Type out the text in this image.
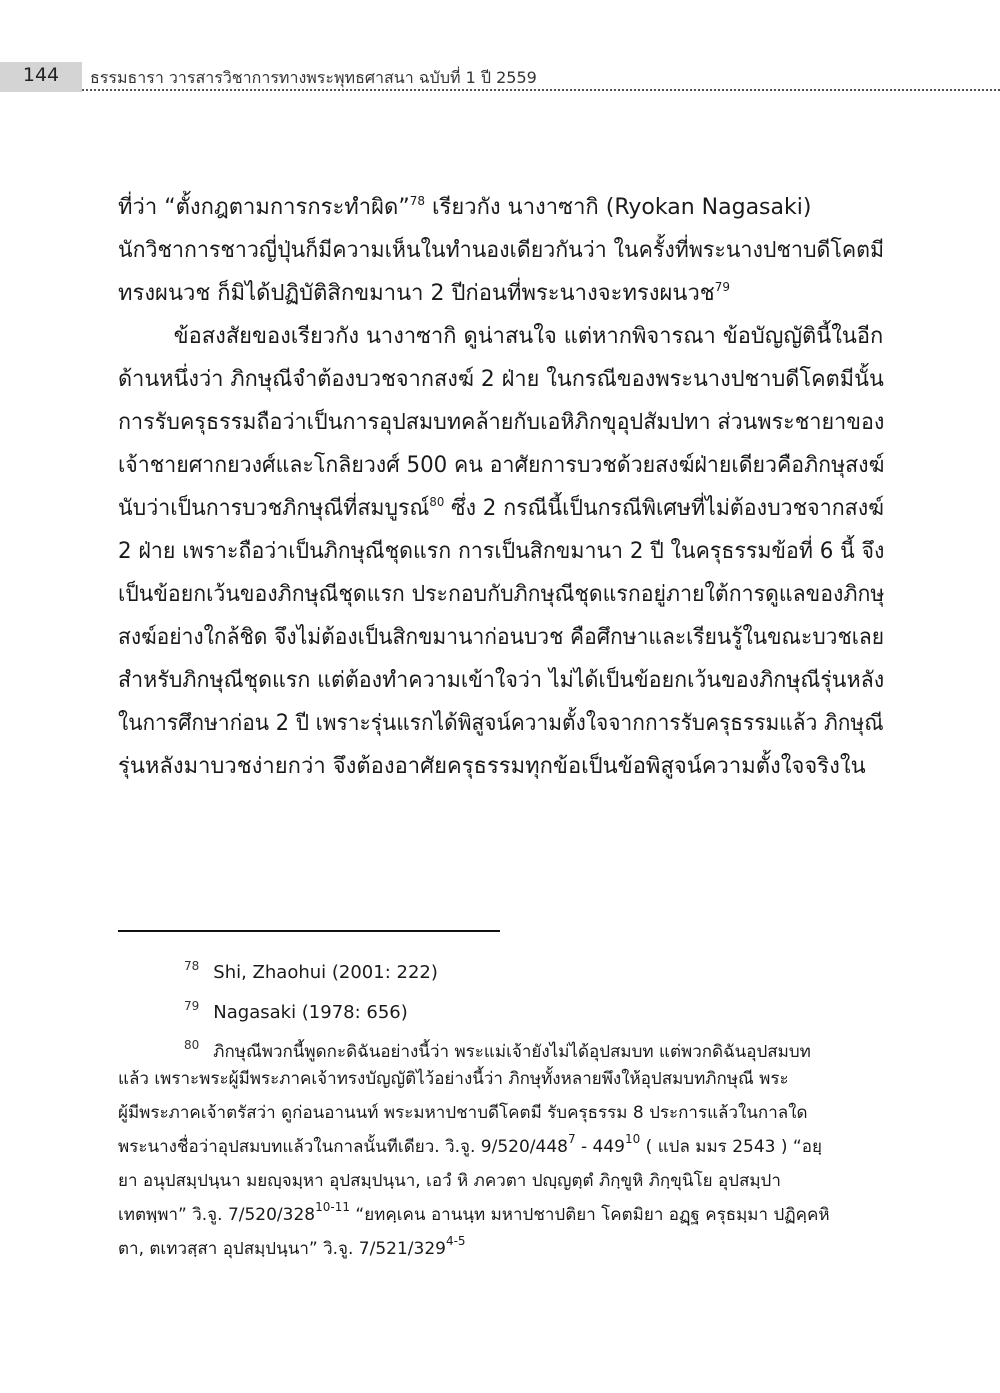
144	ธรรมธารา วารสารวิชาการทางพระพุทธศาสนา ฉบับที่ 1 ปี 2559
ที่ว่า “ตั้งกฎตามการกระทำผิด”$^{78}$ เรียวกัง นางาซากิ (Ryokan Nagasaki)
นักวิชาการชาวญี่ปุ่นก็มีความเห็นในทำนองเดียวกันว่า ในครั้งที่พระนางปชาบดีโคตมี
ทรงผนวช ก็มิได้ปฏิบัติสิกขมานา 2 ปีก่อนที่พระนางจะทรงผนวช$^{79}$
ข้อสงสัยของเรียวกัง นางาซากิ ดูน่าสนใจ แต่หากพิจารณา ข้อบัญญัตินี้ในอีก
ด้านหนึ่งว่า ภิกษุณีจำต้องบวชจากสงฆ์ 2 ฝ่าย ในกรณีของพระนางปชาบดีโคตมีนั้น
การรับครุธรรมถือว่าเป็นการอุปสมบทคล้ายกับเอหิภิกขุอุปสัมปทา ส่วนพระชายาของ
เจ้าชายศากยวงศ์และโกลิยวงศ์ 500 คน อาศัยการบวชด้วยสงฆ์ฝ่ายเดียวคือภิกษุสงฆ์
นับว่าเป็นการบวชภิกษุณีที่สมบูรณ์$^{80}$ ซึ่ง 2 กรณีนี้เป็นกรณีพิเศษที่ไม่ต้องบวชจากสงฆ์
2 ฝ่าย เพราะถือว่าเป็นภิกษุณีชุดแรก การเป็นสิกขมานา 2 ปี ในครุธรรมข้อที่ 6 นี้ จึง
เป็นข้อยกเว้นของภิกษุณีชุดแรก ประกอบกับภิกษุณีชุดแรกอยู่ภายใต้การดูแลของภิกษุ
สงฆ์อย่างใกล้ชิด จึงไม่ต้องเป็นสิกขมานาก่อนบวช คือศึกษาและเรียนรู้ในขณะบวชเลย
สำหรับภิกษุณีชุดแรก แต่ต้องทำความเข้าใจว่า ไม่ได้เป็นข้อยกเว้นของภิกษุณีรุ่นหลัง
ในการศึกษาก่อน 2 ปี เพราะรุ่นแรกได้พิสูจน์ความตั้งใจจากการรับครุธรรมแล้ว ภิกษุณี
รุ่นหลังมาบวชง่ายกว่า จึงต้องอาศัยครุธรรมทุกข้อเป็นข้อพิสูจน์ความตั้งใจจริงใน
$^{78}$ Shi, Zhaohui (2001: 222)
$^{79}$ Nagasaki (1978: 656)
$^{80}$ ภิกษุณีพวกนี้พูดกะดิฉันอย่างนี้ว่า พระแม่เจ้ายังไม่ได้อุปสมบท แต่พวกดิฉันอุปสมบท
แล้ว เพราะพระผู้มีพระภาคเจ้าทรงบัญญัติไว้อย่างนี้ว่า ภิกษุทั้งหลายพึงให้อุปสมบทภิกษุณี พระ
ผู้มีพระภาคเจ้าตรัสว่า ดูก่อนอานนท์ พระมหาปชาบดีโคตมี รับครุธรรม 8 ประการแล้วในกาลใด
พระนางชื่อว่าอุปสมบทแล้วในกาลนั้นทีเดียว. วิ.จู. $9/520/448^7 - 449^{10}$ ( แปล มมร 2543 ) “อยฺ
ยา อนุปสมฺปนฺนา มยญฺจมฺหา อุปสมฺปนฺนา, เอวํ หิ ภควตา ปญฺญตฺตํ ภิกฺขูหิ ภิกฺขุนิโย อุปสมฺปา
เทตพฺพา” วิ.จู. 7/520/328$^{10-11}$ “ยทคฺเคน อานนฺท มหาปชาปติยา โคตมิยา อฏฺฐ ครุธมฺมา ปฏิคฺคหิ
ตา, ตเทวสฺสา อุปสมฺปนฺนา” วิ.จู. 7/521/329$^{4-5}$
